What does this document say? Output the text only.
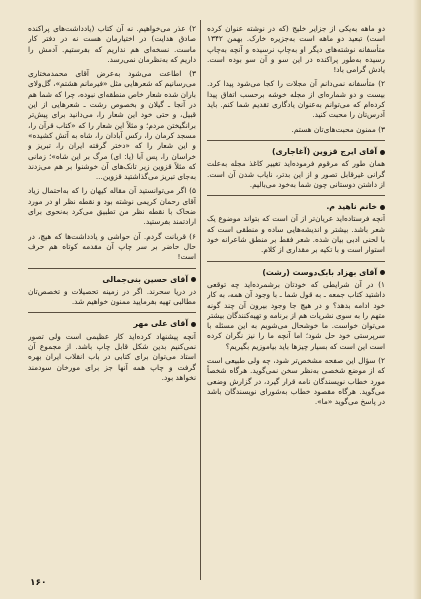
دو ماهه به‌یکی از جزایر خلیج (که در نوشته عنوان کرده است) تبعید دو ماهه است به‌جزیره خارک. بهمن ۱۳۴۲ متأسفانه نوشته‌های دیگر او به‌چاپ نرسیده و آنچه به‌چاپ رسیده به‌طور پراکنده در این سو و آن سو بوده است. یادش گرامی باد!

۲) متأسفانه نمی‌دانم آن مجلات را کجا می‌شود پیدا کرد. بیست و دو شماره‌ای از مجله خوشه برحسب اتفاق پیدا کرده‌ام که می‌توانم به‌عنوان یادگاری تقدیم شما کنم. باید آدرس‌تان را محبت کنید.

۳) ممنون محبت‌های‌تان هستم.

آقای ایرج قزوین (آغاجاری)

همان طور که مرقوم فرموده‌اید تغییر کاغذ مجله به‌علت گرانی غیرقابل تصور و از این بدتر، نایاب شدن آن است. از داشتن دوستانی چون شما به‌خود می‌بالیم.

خانم ناهید م.

آنچه فرستاده‌اید عریان‌تر از آن است که بتواند موضوع یک شعر باشد. بیشتر و اندیشه‌هایی ساده و منطقی است که با لحنی ادبی بیان شده. شعر فقط بر منطق شاعرانه خود استوار است و با تکیه بر مقداری از کلام.

آقای بهزاد بابک‌دوست (رشت)

۱) در آن شرایطی که خودتان برشمرده‌اید چه توقعی داشتید کتاب جمعه ـ به قول شما ـ با وجود آن همه، به کار خود ادامه بدهد؟ و در هیچ جا وجود بیرون آن چند گونه متهم را به سوی نشریات هم از برنامه و تهیه‌کنندگان بیشتر می‌توان خواست. ما خوشحال می‌شویم به این مسئله با سرپرستی خود حل شود؛ اما آنچه ما را نیز نگران کرده است این است که بسیار چیزها باید بیاموزیم بگیریم؟

۲) سؤال این صفحه مشخص‌تر شود، چه ولی طبیعی است که از موضع شخصی به‌نظر سخن نمی‌گوید. هرگاه شخصاً مورد خطاب نویسندگان نامه قرار گیرد، در گزارش وضعی می‌گوید. هرگاه مقصود خطاب به‌شورای نویسندگان باشد در پاسخ می‌گوید «ما».

۲) عذر می‌خواهیم. نه آن کتاب (یادداشت‌های پراکنده صادق هدایت) در اختیارمان هست نه در دفتر کار ماست. نسخه‌ای هم نداریم که بفرستیم. آدمش را داریم که به‌نظرمان نمی‌رسد.

۳) اطاعت می‌شود به‌عرض آقای محمدمختاری می‌رسانیم که شعرهایی مثل «فیرمانم هشتم»، گل‌ولای باران شده شعار خاص منطقه‌ای نبوده، چرا که شما هم در آنجا ـ گیلان و بخصوص رشت ـ شعرهایی از این قبیل، و حتی خود این شعار را، می‌دانید برای پیش‌تر برانگیختن مردم؛ و مثلاً این شعار را که «کتاب قرآن را، مسجد کرمان را، رکس آبادان را، شاه به آتش کشیده» و این شعار را که «دختر گرفته ایران را، تبریز و خراسان را، پس آبا (یا: ای) مرگ بر این شاه»؛ زمانی که مثلاً قزوین زیر تانک‌های آن خوشنوا بر هم می‌زدند به‌جای تبریز می‌گذاشتید قزوین...

۵) اگر می‌توانستید آن مقاله کیهان را که به‌احتمال زیاد آقای رحمان کریمی نوشته بود و نقطه نظر او در مورد ضحاک با نقطه نظر من تطبیق می‌کرد به‌نحوی برای ارادتمند بفرستید.

۶) قربانت گردم. آن حواشی و یادداشت‌ها که هیچ، در حال حاضر بر سر چاپ آن مقدمه کوتاه هم حرف است!

آقای حسین بنی‌جمالی

در دریا سحرند. اگر در زمینه تحصیلات و تخصص‌تان مطالبی تهیه بفرمایید ممنون خواهیم شد.

آقای علی مهر

آنچه پیشنهاد کرده‌اید کار عظیمی است ولی تصور نمی‌کنیم بدین شکل قابل چاپ باشد. از مجموع آن استاد می‌توان برای کتابی در باب انقلاب ایران بهره گرفت و چاپ همه آنها جز برای مورخان سودمند نخواهد بود.

۱۶۰
